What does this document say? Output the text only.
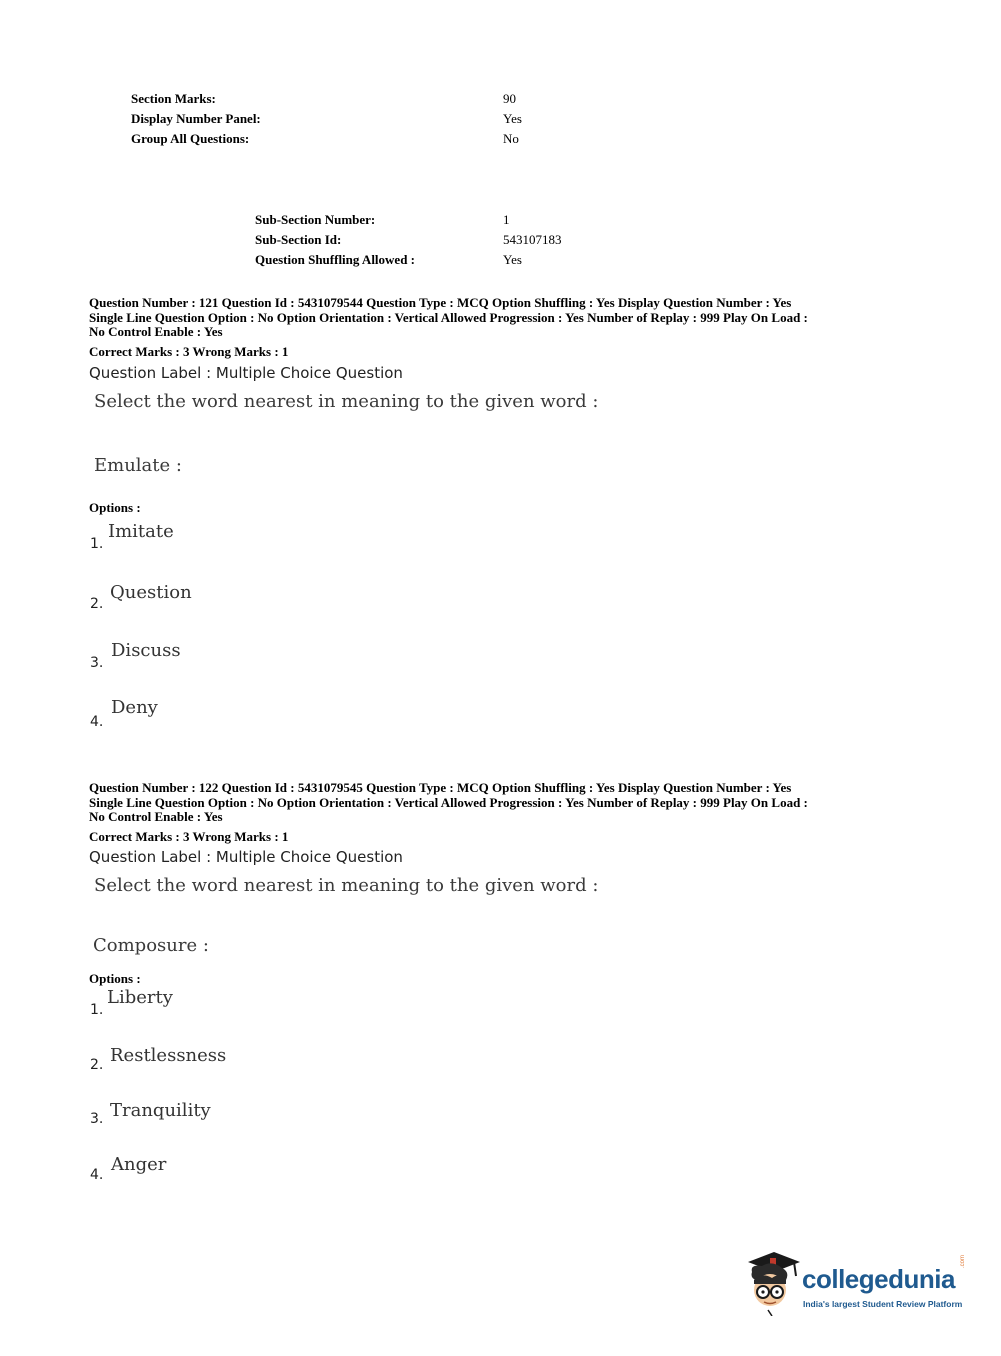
Section Marks:	90
Display Number Panel:	Yes
Group All Questions:	No
Sub-Section Number:	1
Sub-Section Id:	543107183
Question Shuffling Allowed :	Yes
Question Number : 121 Question Id : 5431079544 Question Type : MCQ Option Shuffling : Yes Display Question Number : Yes
Single Line Question Option : No Option Orientation : Vertical Allowed Progression : Yes Number of Replay : 999 Play On Load :
No Control Enable : Yes
Correct Marks : 3 Wrong Marks : 1
Question Label : Multiple Choice Question
Select the word nearest in meaning to the given word :
Emulate :
Options :
1.
Imitate
2.
Question
3.
Discuss
4.
Deny
Question Number : 122 Question Id : 5431079545 Question Type : MCQ Option Shuffling : Yes Display Question Number : Yes
Single Line Question Option : No Option Orientation : Vertical Allowed Progression : Yes Number of Replay : 999 Play On Load :
No Control Enable : Yes
Correct Marks : 3 Wrong Marks : 1
Question Label : Multiple Choice Question
Select the word nearest in meaning to the given word :
Composure :
Options :
1.
Liberty
2. Restlessness
3. Tranquility
4. Anger
collegedunia
.com
India's largest Student Review Platform
